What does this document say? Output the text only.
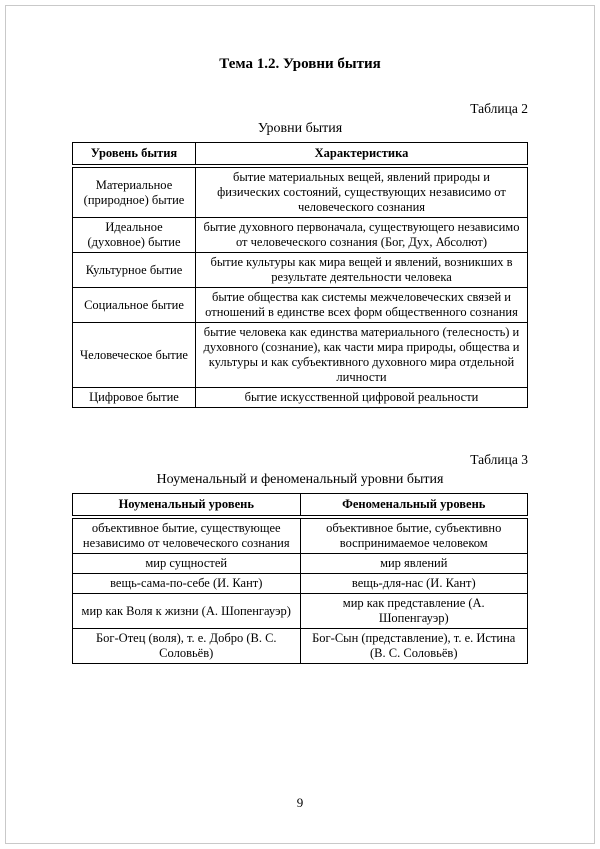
Тема 1.2. Уровни бытия
Таблица 2
Уровни бытия
Уровень бытия	Характеристика
Материальное (природное) бытие	бытие материальных вещей, явлений природы и физических состояний, существующих независимо от человеческого сознания
Идеальное (духовное) бытие	бытие духовного первоначала, существующего независимо от человеческого сознания (Бог, Дух, Абсолют)
Культурное бытие	бытие культуры как мира вещей и явлений, возникших в результате деятельности человека
Социальное бытие	бытие общества как системы межчеловеческих связей и отношений в единстве всех форм общественного сознания
Человеческое бытие	бытие человека как единства материального (телесность) и духовного (сознание), как части мира природы, общества и культуры и как субъективного духовного мира отдельной личности
Цифровое бытие	бытие искусственной цифровой реальности
Таблица 3
Ноуменальный и феноменальный уровни бытия
Ноуменальный уровень	Феноменальный уровень
объективное бытие, существующее независимо от человеческого сознания	объективное бытие, субъективно воспринимаемое человеком
мир сущностей	мир явлений
вещь-сама-по-себе (И. Кант)	вещь-для-нас (И. Кант)
мир как Воля к жизни (А. Шопенгауэр)	мир как представление (А. Шопенгауэр)
Бог-Отец (воля), т. е. Добро (В. С. Соловьёв)	Бог-Сын (представление), т. е. Истина (В. С. Соловьёв)
9
